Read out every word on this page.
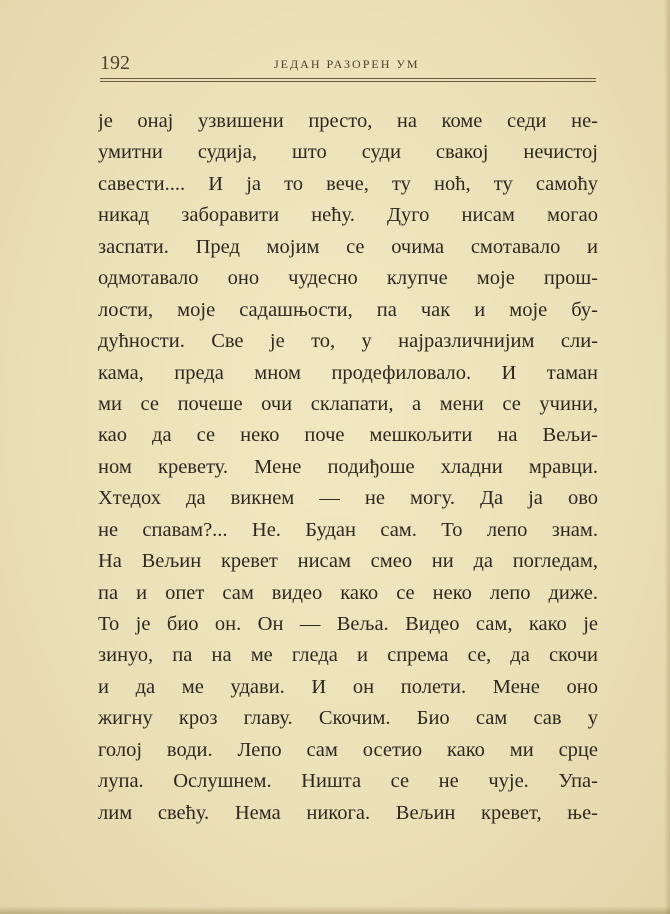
192	ЈЕДАН РАЗОРЕН УМ
је онај узвишени престо, на коме седи не-
умитни судија, што суди свакој нечистој
савести.... И ја то вече, ту ноћ, ту самоћу
никад заборавити нећу. Дуго нисам могао
заспати. Пред мојим се очима смотавало и
одмотавало оно чудесно клупче моје прош-
лости, моје садашњости, па чак и моје бу-
дућности. Све је то, у најразличнијим сли-
кама, преда мном продефиловало. И таман
ми се почеше очи склапати, а мени се учини,
као да се неко поче мешкољити на Вељи-
ном кревету. Мене подиђоше хладни мравци.
Хтедох да викнем — не могу. Да ја ово
не спавам?... Не. Будан сам. То лепо знам.
На Вељин кревет нисам смео ни да погледам,
па и опет сам видео како се неко лепо диже.
То је био он. Он — Веља. Видео сам, како је
зинуо, па на ме гледа и спрема се, да скочи
и да ме удави. И он полети. Мене оно
жигну кроз главу. Скочим. Био сам сав у
голој води. Лепо сам осетио како ми срце
лупа. Ослушнем. Ништа се не чује. Упа-
лим свећу. Нема никога. Вељин кревет, ње-
